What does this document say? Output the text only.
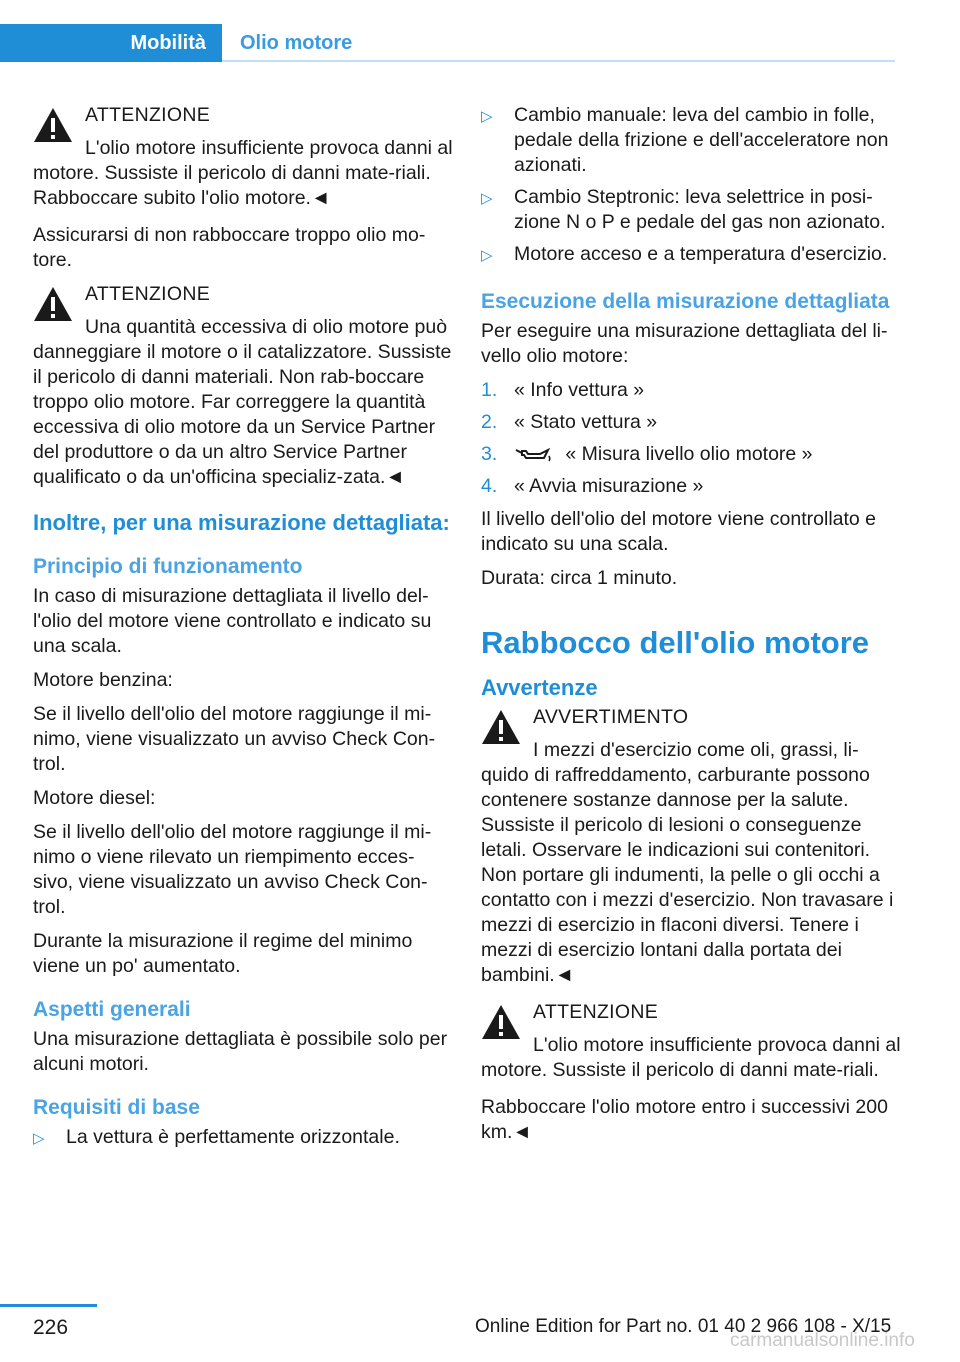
Mobilità	Olio motore
ATTENZIONE
L'olio motore insufficiente provoca danni al motore. Sussiste il pericolo di danni mate-riali. Rabboccare subito l'olio motore.◄

Assicurarsi di non rabboccare troppo olio mo-tore.

ATTENZIONE
Una quantità eccessiva di olio motore può danneggiare il motore o il catalizzatore. Sussiste il pericolo di danni materiali. Non rab-boccare troppo olio motore. Far correggere la quantità eccessiva di olio motore da un Service Partner del produttore o da un altro Service Partner qualificato o da un'officina specializ-zata.◄
Inoltre, per una misurazione dettagliata:
Principio di funzionamento

In caso di misurazione dettagliata il livello del-l'olio del motore viene controllato e indicato su una scala.

Motore benzina:

Se il livello dell'olio del motore raggiunge il mi-nimo, viene visualizzato un avviso Check Con-trol.

Motore diesel:

Se il livello dell'olio del motore raggiunge il mi-nimo o viene rilevato un riempimento ecces-sivo, viene visualizzato un avviso Check Con-trol.

Durante la misurazione il regime del minimo viene un po' aumentato.

Aspetti generali

Una misurazione dettagliata è possibile solo per alcuni motori.

Requisiti di base
▷ La vettura è perfettamente orizzontale.
▷ Cambio manuale: leva del cambio in folle, pedale della frizione e dell'acceleratore non azionati.
▷ Cambio Steptronic: leva selettrice in posi-zione N o P e pedale del gas non azionato.
▷ Motore acceso e a temperatura d'esercizio.
Esecuzione della misurazione dettagliata

Per eseguire una misurazione dettagliata del li-vello olio motore:

1. « Info vettura »
2. « Stato vettura »
3.	« Misura livello olio motore »
4. « Avvia misurazione »

Il livello dell'olio del motore viene controllato e indicato su una scala.

Durata: circa 1 minuto.

Rabbocco dell'olio motore
Avvertenze
AVVERTIMENTO
I mezzi d'esercizio come oli, grassi, li-quido di raffreddamento, carburante possono contenere sostanze dannose per la salute. Sussiste il pericolo di lesioni o conseguenze letali. Osservare le indicazioni sui contenitori. Non portare gli indumenti, la pelle o gli occhi a contatto con i mezzi d'esercizio. Non travasare i mezzi di esercizio in flaconi diversi. Tenere i mezzi di esercizio lontani dalla portata dei bambini.◄
ATTENZIONE
L'olio motore insufficiente provoca danni al motore. Sussiste il pericolo di danni mate-riali.

Rabboccare l'olio motore entro i successivi 200 km.◄

226	Online Edition for Part no. 01 40 2 966 108 - X/15
carmanualsonline.info
